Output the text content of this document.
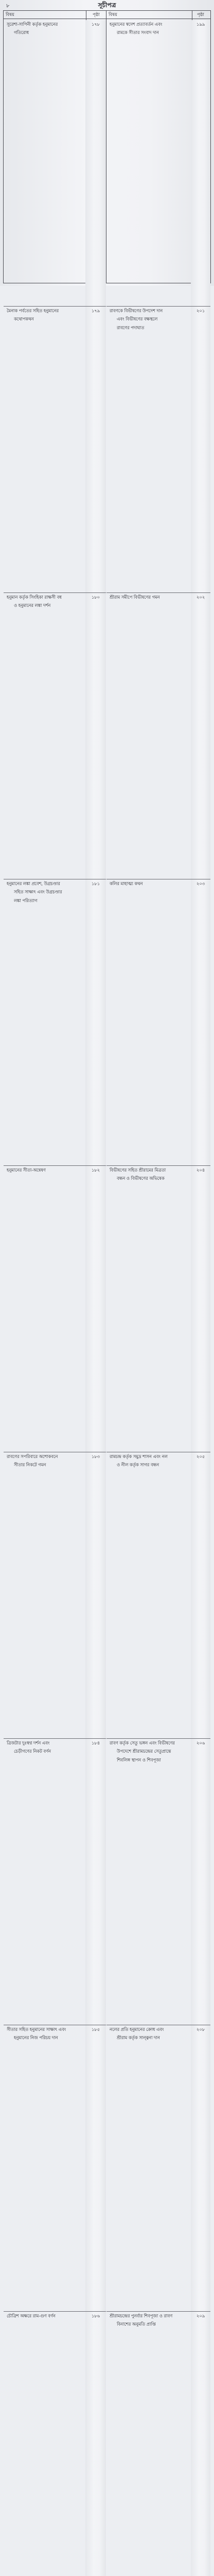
৮	সূচীপত্র
বিষয়	পৃষ্ঠা
সুরেশা-সাপিনী কর্তৃক হনুমানের
গতিরোধ
১৭৮
মৈনাক পর্বতের সহিত হনুমানের
কথোপকথন
১৭৯
হনুমান কর্তৃক সিংহিকা রাক্ষসী বধ
ও হনুমানের লঙ্কা দর্শন
১৮০
হনুমানের লঙ্কা প্রবেশ, উগ্রচণ্ডার
সহিত সাক্ষাৎ এবং উগ্রচণ্ডার
লঙ্কা পরিত্যাগ
১৮১
হনুমানের সীতা-অন্বেষণ	১৮২
রাবণের সপরিবারে অশোকবনে
সীতার নিকটে গমন
১৮৩
ত্রিজটার দুঃস্বপ্ন দর্শন এবং
চেড়ীগণের নিকট বর্ণন
১৮৪
সীতার সহিত হনুমানের সাক্ষাৎ এবং
হনুমানের নিজ পরিচয় দান
১৮৫
চৌত্রিশ অক্ষরে রাম-গুণ বর্ণন	১৮৬
বিষয়	পৃষ্ঠা
হনুমানের স্বদেশ প্রত্যাবর্তন এবং
রামকে সীতার সংবাদ দান
১৯৯
রাবণকে বিভীষণের উপদেশ দান
এবং বিভীষণের বক্ষস্থলে
রাবণের পদাঘাত
২০১
শ্রীরাম সমীপে বিভীষণের গমন	২০২
কলির মাহাত্ম্য কথন	২০৩
বিভীষণের সহিত শ্রীরামের মিত্রতা
বন্ধন ও বিভীষণের অভিষেক
২০৪
রামচন্দ্র কর্তৃক সমুদ্র শাসন এবং নল
ও নীল কর্তৃক সাগর বন্ধন
২০৫
রাবণ কর্তৃক সেতু ভঙ্গন এবং বিভীষণের
উপদেশে শ্রীরামচন্দ্রের সেতুপ্রান্তে
শিবলিঙ্গ স্থাপন ও শিবপূজা
২০৬
নলের প্রতি হনুমানের ক্রোধ এবং
শ্রীরাম কর্তৃক সান্ত্বনা দান
২০৮
শ্রীরামচন্দ্রের পুনর্বার শিবপূজা ও রাবণ
বিনাশের অনুমতি প্রাপ্তি
২০৯
